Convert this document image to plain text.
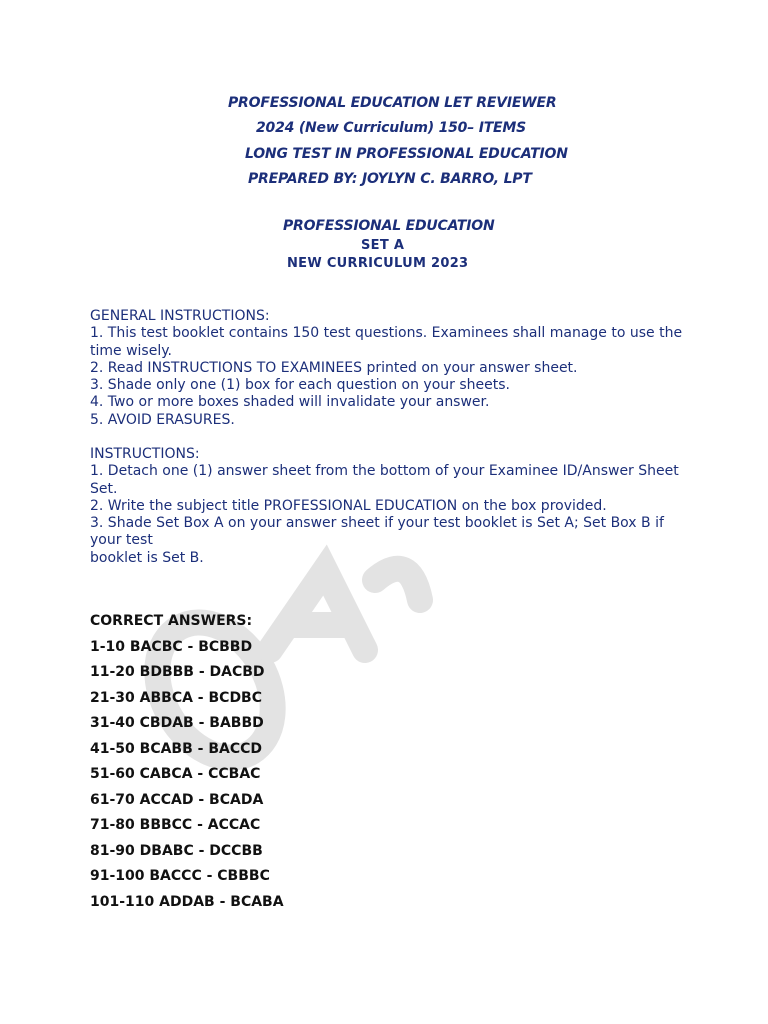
PROFESSIONAL EDUCATION LET REVIEWER
2024 (New Curriculum) 150– ITEMS
LONG TEST IN PROFESSIONAL EDUCATION
PREPARED BY: JOYLYN C. BARRO, LPT
PROFESSIONAL EDUCATION
SET A
NEW CURRICULUM 2023
GENERAL INSTRUCTIONS:
1. This test booklet contains 150 test questions. Examinees shall manage to use the time wisely.
2. Read INSTRUCTIONS TO EXAMINEES printed on your answer sheet.
3. Shade only one (1) box for each question on your sheets.
4. Two or more boxes shaded will invalidate your answer.
5. AVOID ERASURES.
INSTRUCTIONS:
1. Detach one (1) answer sheet from the bottom of your Examinee ID/Answer Sheet Set.
2. Write the subject title PROFESSIONAL EDUCATION on the box provided.
3. Shade Set Box A on your answer sheet if your test booklet is Set A; Set Box B if your test
booklet is Set B.
CORRECT ANSWERS:
1-10 BACBC - BCBBD
11-20 BDBBB - DACBD
21-30 ABBCA - BCDBC
31-40 CBDAB - BABBD
41-50 BCABB - BACCD
51-60 CABCA - CCBAC
61-70 ACCAD - BCADA
71-80 BBBCC - ACCAC
81-90 DBABC - DCCBB
91-100 BACCC - CBBBC
101-110 ADDAB - BCABA
